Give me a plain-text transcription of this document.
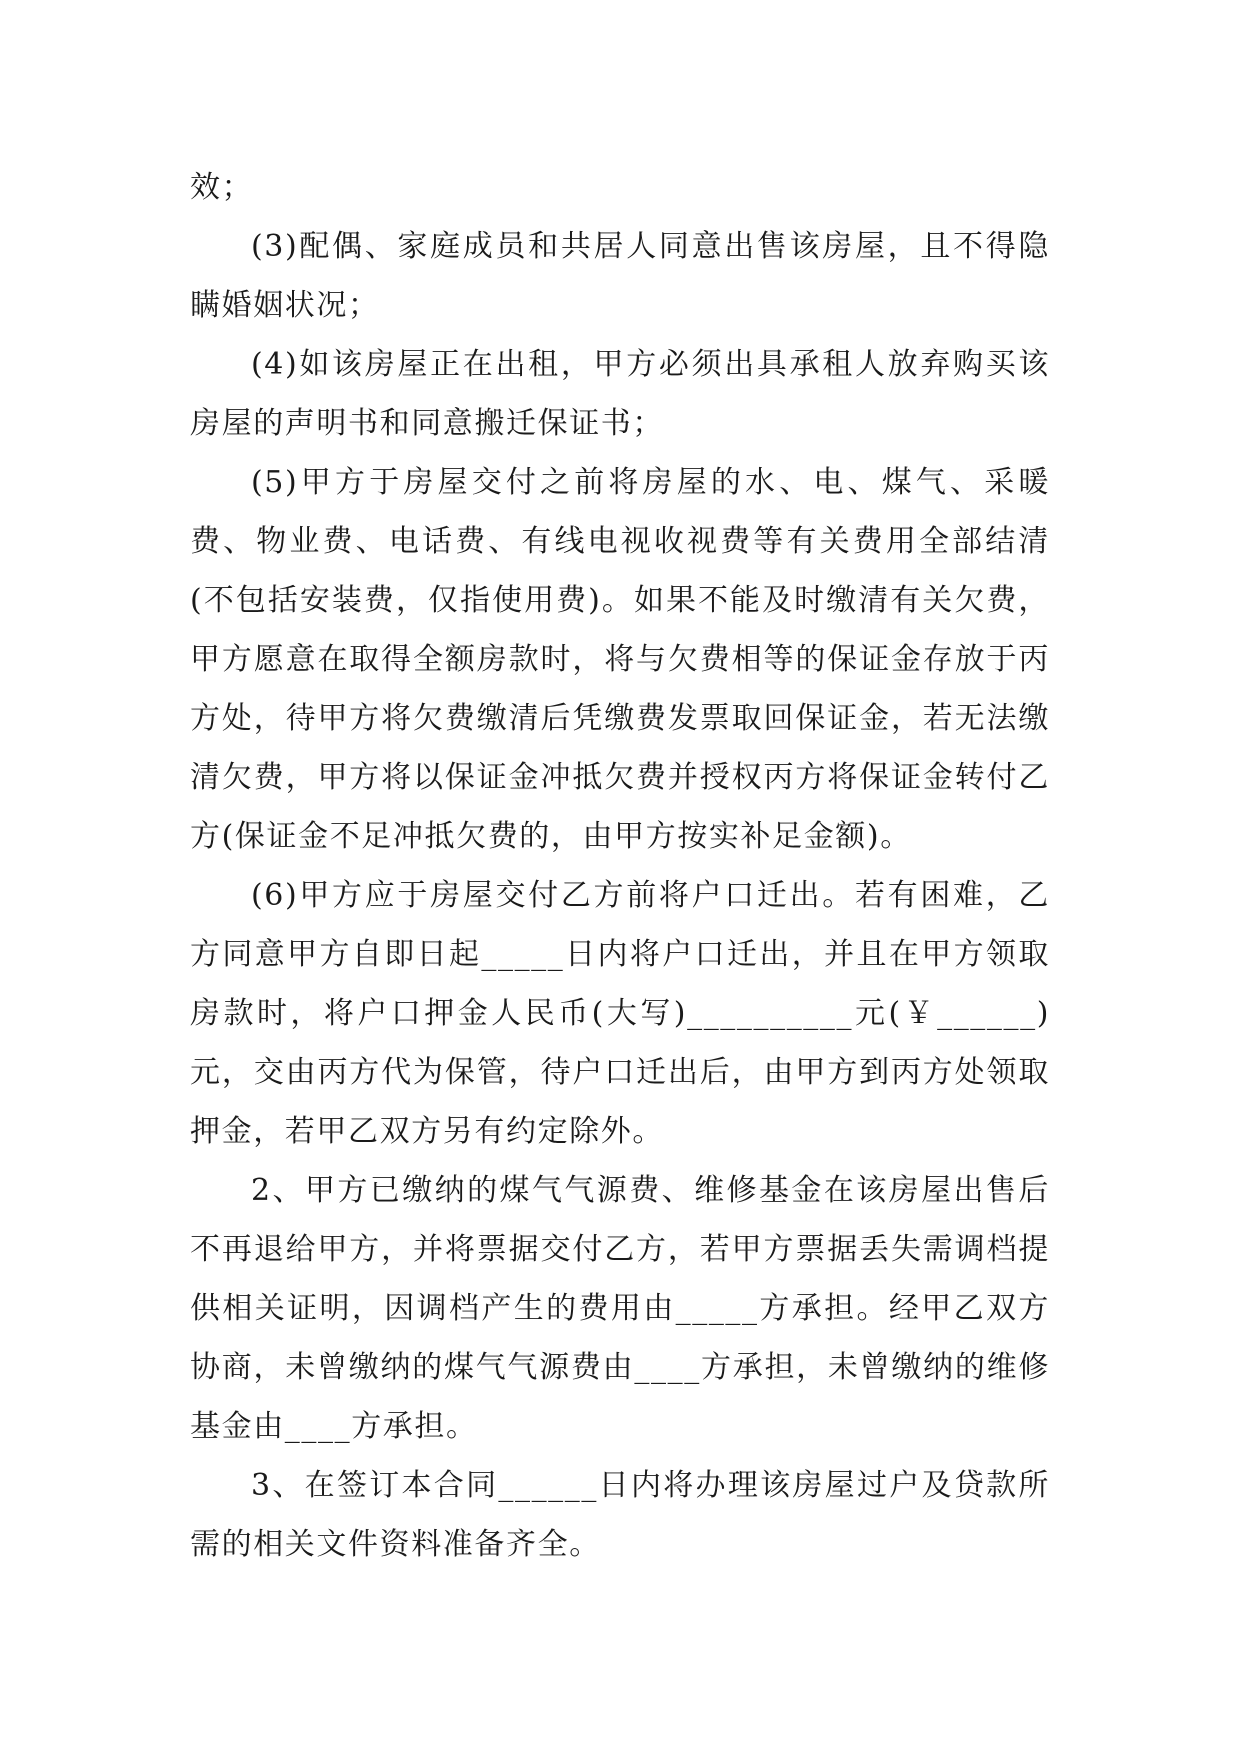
效；

(3)配偶、家庭成员和共居人同意出售该房屋，且不得隐瞒婚姻状况；

(4)如该房屋正在出租，甲方必须出具承租人放弃购买该房屋的声明书和同意搬迁保证书；

(5)甲方于房屋交付之前将房屋的水、电、煤气、采暖费、物业费、电话费、有线电视收视费等有关费用全部结清(不包括安装费，仅指使用费)。如果不能及时缴清有关欠费，甲方愿意在取得全额房款时，将与欠费相等的保证金存放于丙方处，待甲方将欠费缴清后凭缴费发票取回保证金，若无法缴清欠费，甲方将以保证金冲抵欠费并授权丙方将保证金转付乙方(保证金不足冲抵欠费的，由甲方按实补足金额)。

(6)甲方应于房屋交付乙方前将户口迁出。若有困难，乙方同意甲方自即日起_____日内将户口迁出，并且在甲方领取房款时，将户口押金人民币(大写)__________元(￥______)元，交由丙方代为保管，待户口迁出后，由甲方到丙方处领取押金，若甲乙双方另有约定除外。

2、甲方已缴纳的煤气气源费、维修基金在该房屋出售后不再退给甲方，并将票据交付乙方，若甲方票据丢失需调档提供相关证明，因调档产生的费用由_____方承担。经甲乙双方协商，未曾缴纳的煤气气源费由____方承担，未曾缴纳的维修基金由____方承担。

3、在签订本合同______日内将办理该房屋过户及贷款所需的相关文件资料准备齐全。
